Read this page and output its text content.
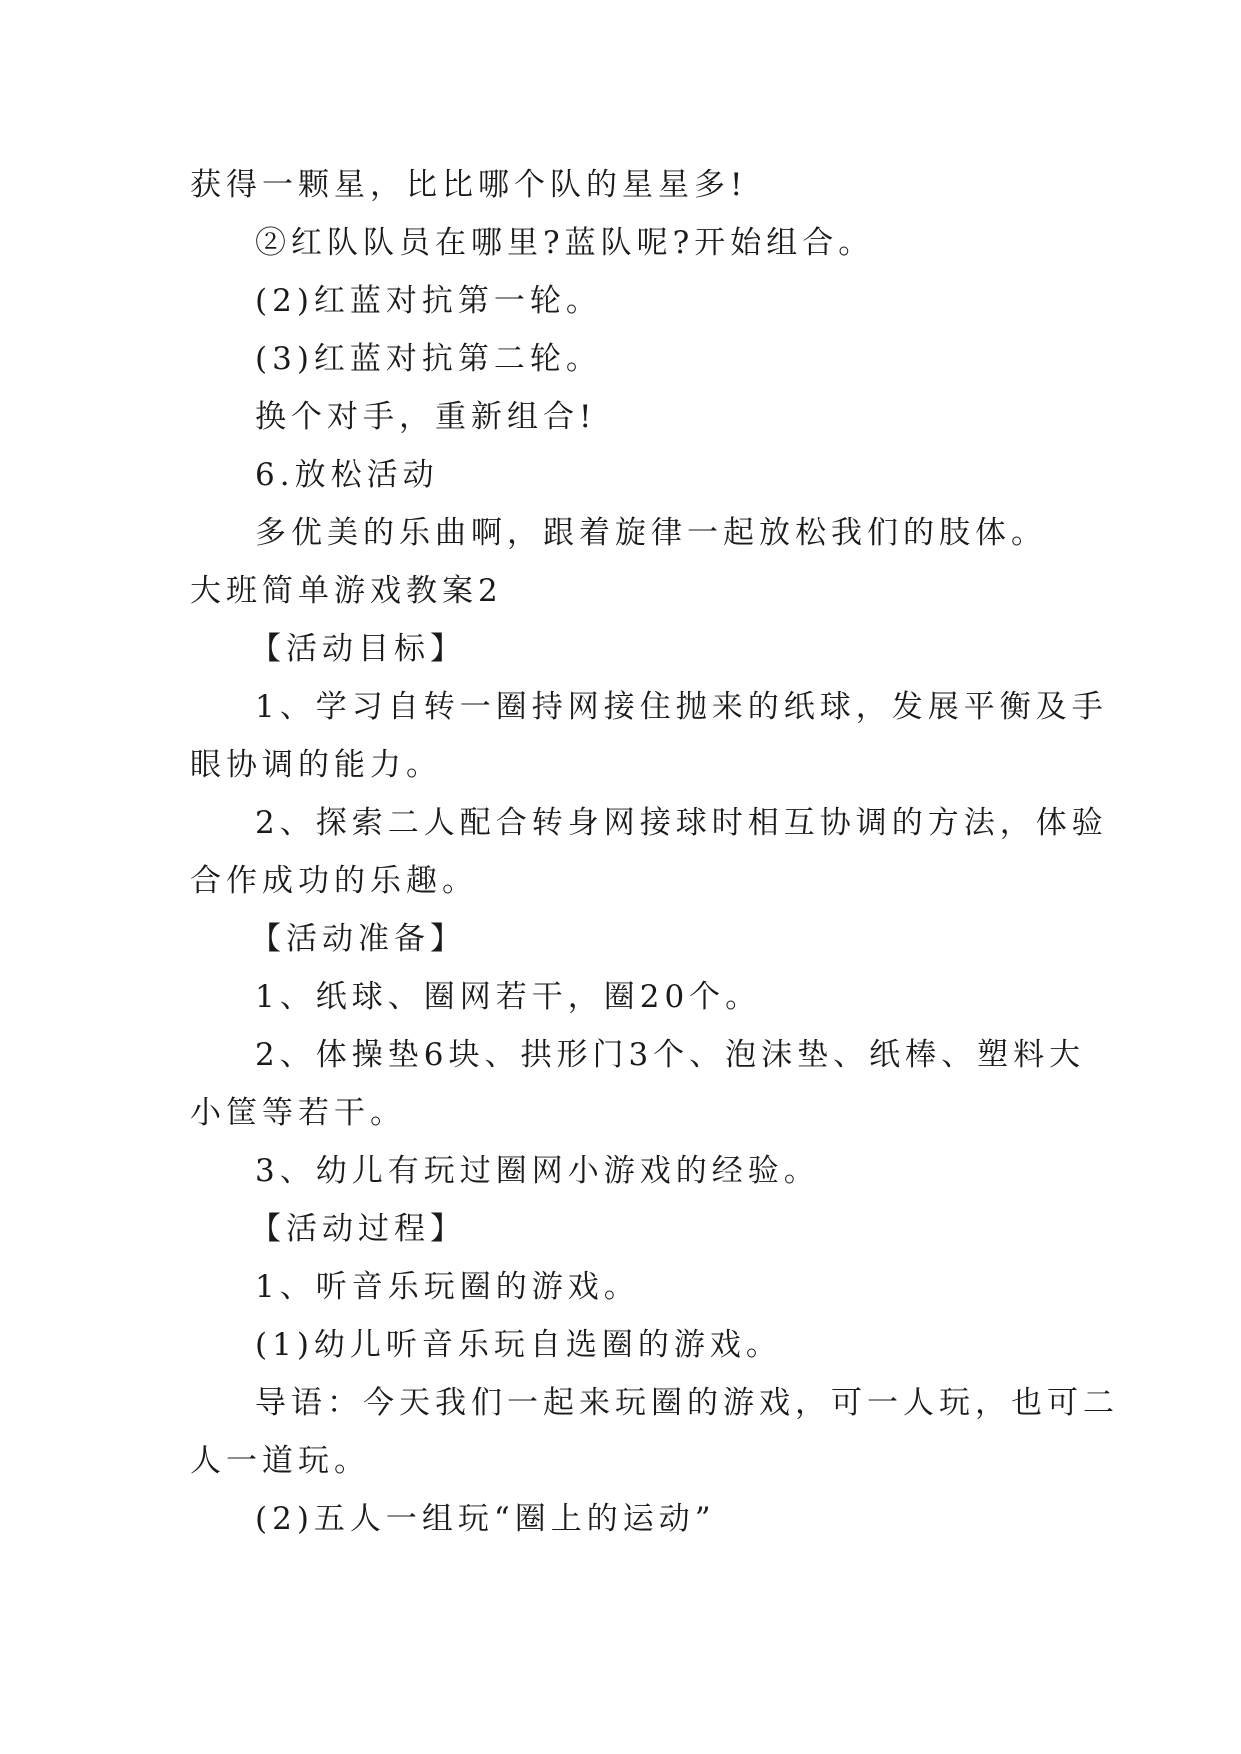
获得一颗星，比比哪个队的星星多!
②红队队员在哪里?蓝队呢?开始组合。
(2)红蓝对抗第一轮。
(3)红蓝对抗第二轮。
换个对手，重新组合!
6.放松活动
多优美的乐曲啊，跟着旋律一起放松我们的肢体。
大班简单游戏教案2
【活动目标】
1、学习自转一圈持网接住抛来的纸球，发展平衡及手
眼协调的能力。
2、探索二人配合转身网接球时相互协调的方法，体验
合作成功的乐趣。
【活动准备】
1、纸球、圈网若干，圈20个。
2、体操垫6块、拱形门3个、泡沫垫、纸棒、塑料大
小筐等若干。
3、幼儿有玩过圈网小游戏的经验。
【活动过程】
1、听音乐玩圈的游戏。
(1)幼儿听音乐玩自选圈的游戏。
导语：今天我们一起来玩圈的游戏，可一人玩，也可二
人一道玩。
(2)五人一组玩“圈上的运动”
